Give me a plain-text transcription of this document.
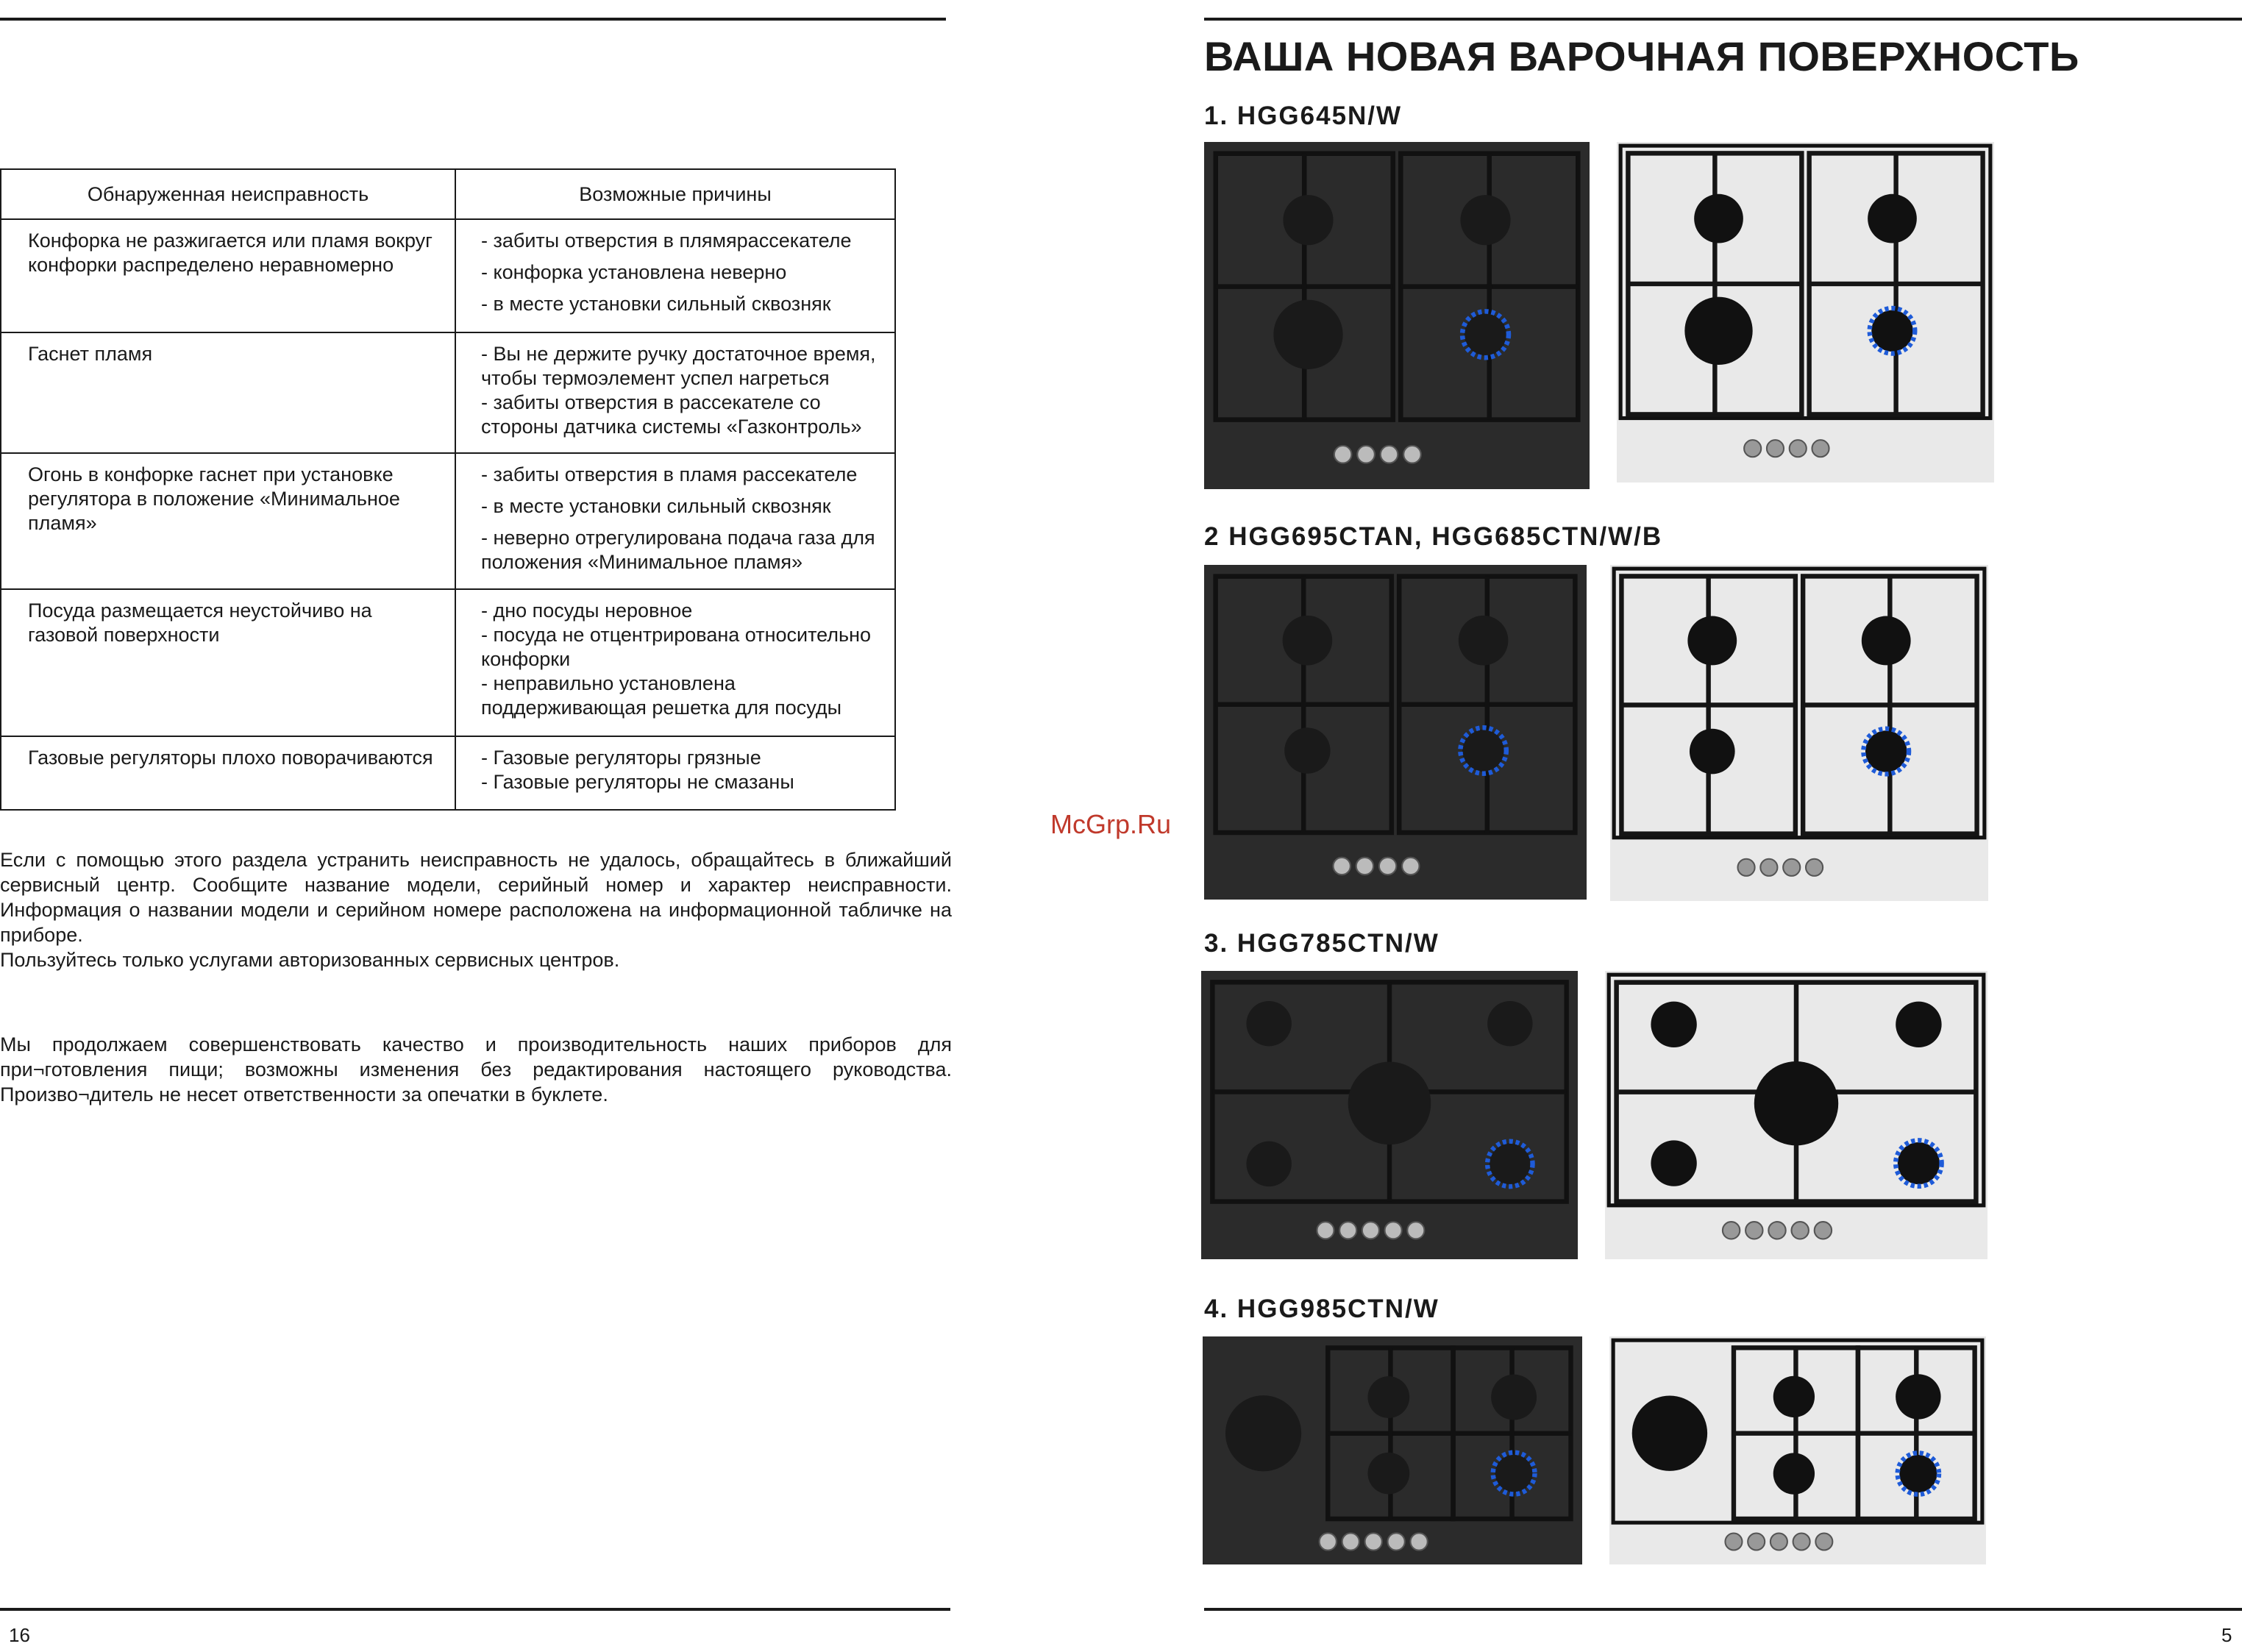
Обнаруженная неисправность	Возможные причины
Конфорка не разжигается или пламя вокруг конфорки распределено неравномерно	- забиты отверстия в плямярассекателе
- конфорка установлена неверно
- в месте установки сильный сквозняк

Гаснет пламя	- Вы не держите ручку достаточное время, чтобы термоэлемент успел нагреться
- забиты отверстия в рассекателе со стороны датчика системы «Газконтроль»

Огонь в конфорке гаснет при установке регулятора в положение «Минимальное пламя»	- забиты отверстия в пламя рассекателе
- в месте установки сильный сквозняк
- неверно отрегулирована подача газа для положения «Минимальное пламя»

Посуда размещается неустойчиво на газовой поверхности	- дно посуды неровное
- посуда не отцентрирована относительно конфорки
- неправильно установлена поддерживающая решетка для посуды

Газовые регуляторы плохо поворачиваются	- Газовые регуляторы грязные
- Газовые регуляторы не смазаны

Если с помощью этого раздела устранить неисправность не удалось, обращайтесь в ближайший сервисный центр. Сообщите название модели, серийный номер и характер неисправности. Информация о названии модели и серийном номере расположена на информационной табличке на приборе.

Пользуйтесь только услугами авторизованных сервисных центров.

Мы продолжаем совершенствовать качество и производительность наших приборов для при¬готовления пищи; возможны изменения без редактирования настоящего руководства. Произво¬дитель не несет ответственности за опечатки в буклете.

16
ВАША НОВАЯ ВАРОЧНАЯ ПОВЕРХНОСТЬ
1. HGG645N/W
2 HGG695CTAN, HGG685CTN/W/B
3. HGG785CTN/W
4. HGG985CTN/W
McGrp.Ru
5
